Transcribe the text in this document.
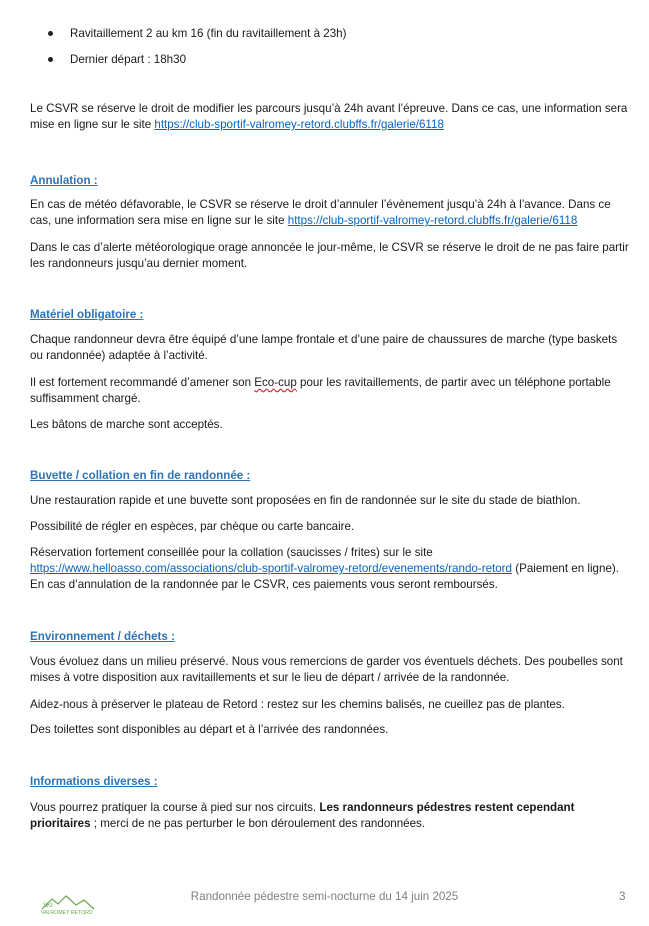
Ravitaillement 2 au km 16 (fin du ravitaillement à 23h)
Dernier départ : 18h30
Le CSVR se réserve le droit de modifier les parcours jusqu’à 24h avant l’épreuve. Dans ce cas, une information sera mise en ligne sur le site https://club-sportif-valromey-retord.clubffs.fr/galerie/6118
Annulation :
En cas de météo défavorable, le CSVR se réserve le droit d’annuler l’évènement jusqu’à 24h à l’avance. Dans ce cas, une information sera mise en ligne sur le site https://club-sportif-valromey-retord.clubffs.fr/galerie/6118
Dans le cas d’alerte météorologique orage annoncée le jour-même, le CSVR se réserve le droit de ne pas faire partir les randonneurs jusqu’au dernier moment.
Matériel obligatoire :
Chaque randonneur devra être équipé d’une lampe frontale et d’une paire de chaussures de marche (type baskets ou randonnée) adaptée à l’activité.
Il est fortement recommandé d’amener son Eco-cup pour les ravitaillements, de partir avec un téléphone portable suffisamment chargé.
Les bâtons de marche sont acceptés.
Buvette / collation en fin de randonnée :
Une restauration rapide et une buvette sont proposées en fin de randonnée sur le site du stade de biathlon.
Possibilité de régler en espèces, par chèque ou carte bancaire.
Réservation fortement conseillée pour la collation (saucisses / frites) sur le site https://www.helloasso.com/associations/club-sportif-valromey-retord/evenements/rando-retord (Paiement en ligne). En cas d’annulation de la randonnée par le CSVR, ces paiements vous seront remboursés.
Environnement / déchets :
Vous évoluez dans un milieu préservé. Nous vous remercions de garder vos éventuels déchets. Des poubelles sont mises à votre disposition aux ravitaillements et sur le lieu de départ / arrivée de la randonnée.
Aidez-nous à préserver le plateau de Retord : restez sur les chemins balisés, ne cueillez pas de plantes.
Des toilettes sont disponibles au départ et à l’arrivée des randonnées.
Informations diverses :
Vous pourrez pratiquer la course à pied sur nos circuits. Les randonneurs pédestres restent cependant prioritaires ; merci de ne pas perturber le bon déroulement des randonnées.
SKI
VALROMEY RETORD
Randonnée pédestre semi-nocturne du 14 juin 2025	3
